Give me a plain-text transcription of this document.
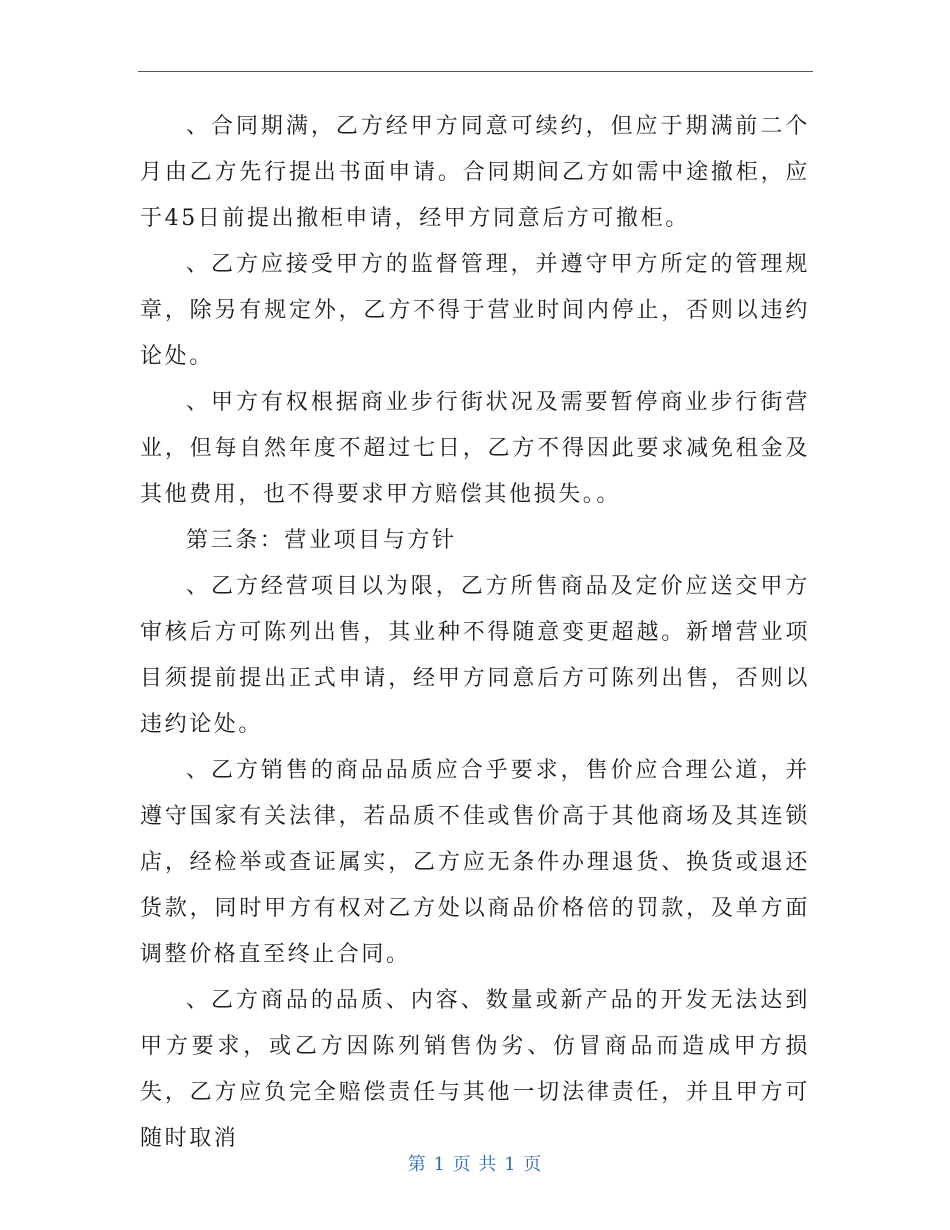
、合同期满，乙方经甲方同意可续约，但应于期满前二个月由乙方先行提出书面申请。合同期间乙方如需中途撤柜，应于45日前提出撤柜申请，经甲方同意后方可撤柜。

、乙方应接受甲方的监督管理，并遵守甲方所定的管理规章，除另有规定外，乙方不得于营业时间内停止，否则以违约论处。

、甲方有权根据商业步行街状况及需要暂停商业步行街营业，但每自然年度不超过七日，乙方不得因此要求减免租金及其他费用，也不得要求甲方赔偿其他损失。。

第三条：营业项目与方针

、乙方经营项目以为限，乙方所售商品及定价应送交甲方审核后方可陈列出售，其业种不得随意变更超越。新增营业项目须提前提出正式申请，经甲方同意后方可陈列出售，否则以违约论处。

、乙方销售的商品品质应合乎要求，售价应合理公道，并遵守国家有关法律，若品质不佳或售价高于其他商场及其连锁店，经检举或查证属实，乙方应无条件办理退货、换货或退还货款，同时甲方有权对乙方处以商品价格倍的罚款，及单方面调整价格直至终止合同。

、乙方商品的品质、内容、数量或新产品的开发无法达到甲方要求，或乙方因陈列销售伪劣、仿冒商品而造成甲方损失，乙方应负完全赔偿责任与其他一切法律责任，并且甲方可随时取消

第 1 页 共 1 页
